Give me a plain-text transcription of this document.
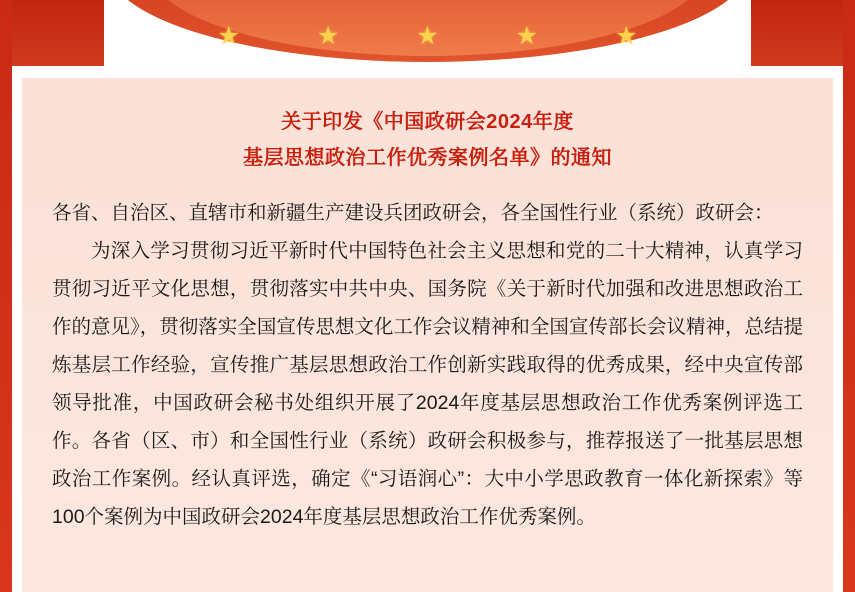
★	★	★	★	★
关于印发《中国政研会2024年度
基层思想政治工作优秀案例名单》的通知

各省、自治区、直辖市和新疆生产建设兵团政研会，各全国性行业（系统）政研会：

为深入学习贯彻习近平新时代中国特色社会主义思想和党的二十大精神，认真学习贯彻习近平文化思想，贯彻落实中共中央、国务院《关于新时代加强和改进思想政治工作的意见》，贯彻落实全国宣传思想文化工作会议精神和全国宣传部长会议精神，总结提炼基层工作经验，宣传推广基层思想政治工作创新实践取得的优秀成果，经中央宣传部领导批准，中国政研会秘书处组织开展了2024年度基层思想政治工作优秀案例评选工作。各省（区、市）和全国性行业（系统）政研会积极参与，推荐报送了一批基层思想政治工作案例。经认真评选，确定《“习语润心”：大中小学思政教育一体化新探索》等100个案例为中国政研会2024年度基层思想政治工作优秀案例。
